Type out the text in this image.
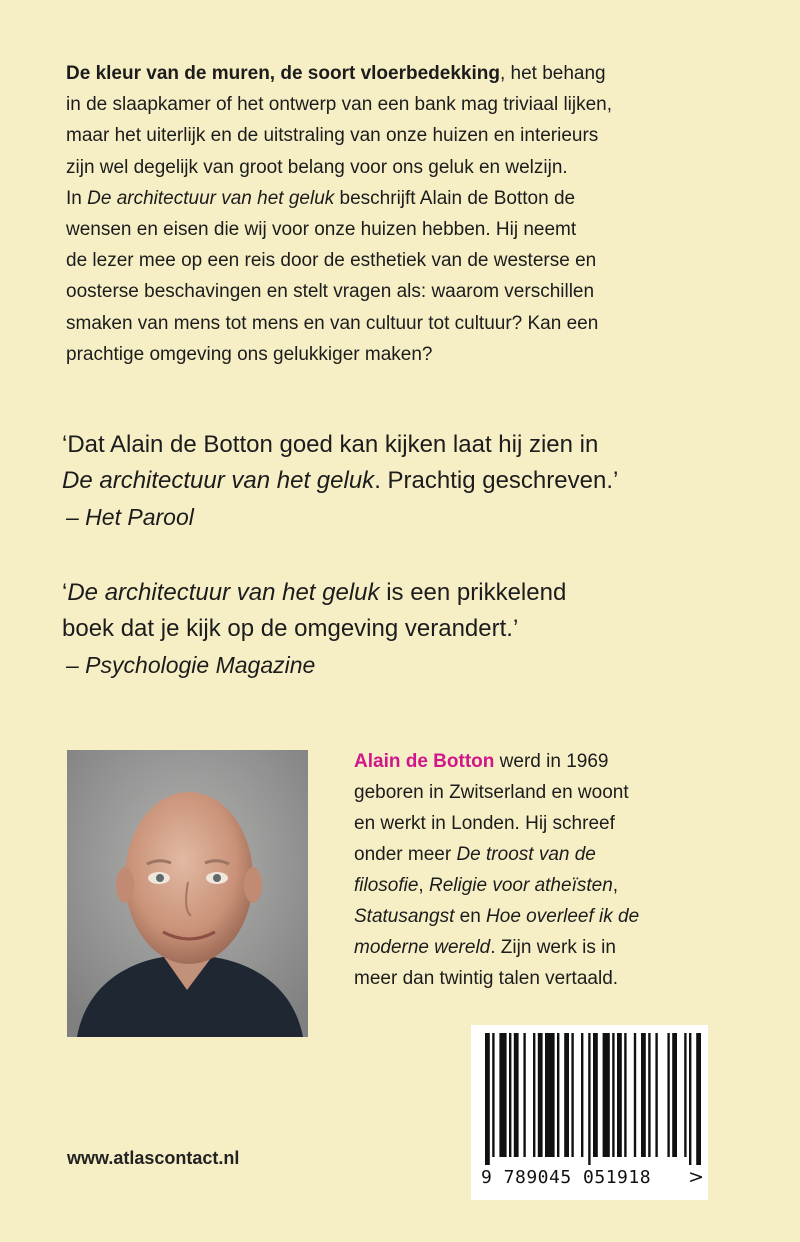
De kleur van de muren, de soort vloerbedekking, het behang
in de slaapkamer of het ontwerp van een bank mag triviaal lijken,
maar het uiterlijk en de uitstraling van onze huizen en interieurs
zijn wel degelijk van groot belang voor ons geluk en welzijn.
In De architectuur van het geluk beschrijft Alain de Botton de
wensen en eisen die wij voor onze huizen hebben. Hij neemt
de lezer mee op een reis door de esthetiek van de westerse en
oosterse beschavingen en stelt vragen als: waarom verschillen
smaken van mens tot mens en van cultuur tot cultuur? Kan een
prachtige omgeving ons gelukkiger maken?
‘Dat Alain de Botton goed kan kijken laat hij zien in
De architectuur van het geluk. Prachtig geschreven.’
– Het Parool
‘De architectuur van het geluk is een prikkelend
boek dat je kijk op de omgeving verandert.’
– Psychologie Magazine
Alain de Botton werd in 1969
geboren in Zwitserland en woont
en werkt in Londen. Hij schreef
onder meer De troost van de
filosofie, Religie voor atheïsten,
Statusangst en Hoe overleef ik de
moderne wereld. Zijn werk is in
meer dan twintig talen vertaald.
www.atlascontact.nl
9 789045 051918	>
